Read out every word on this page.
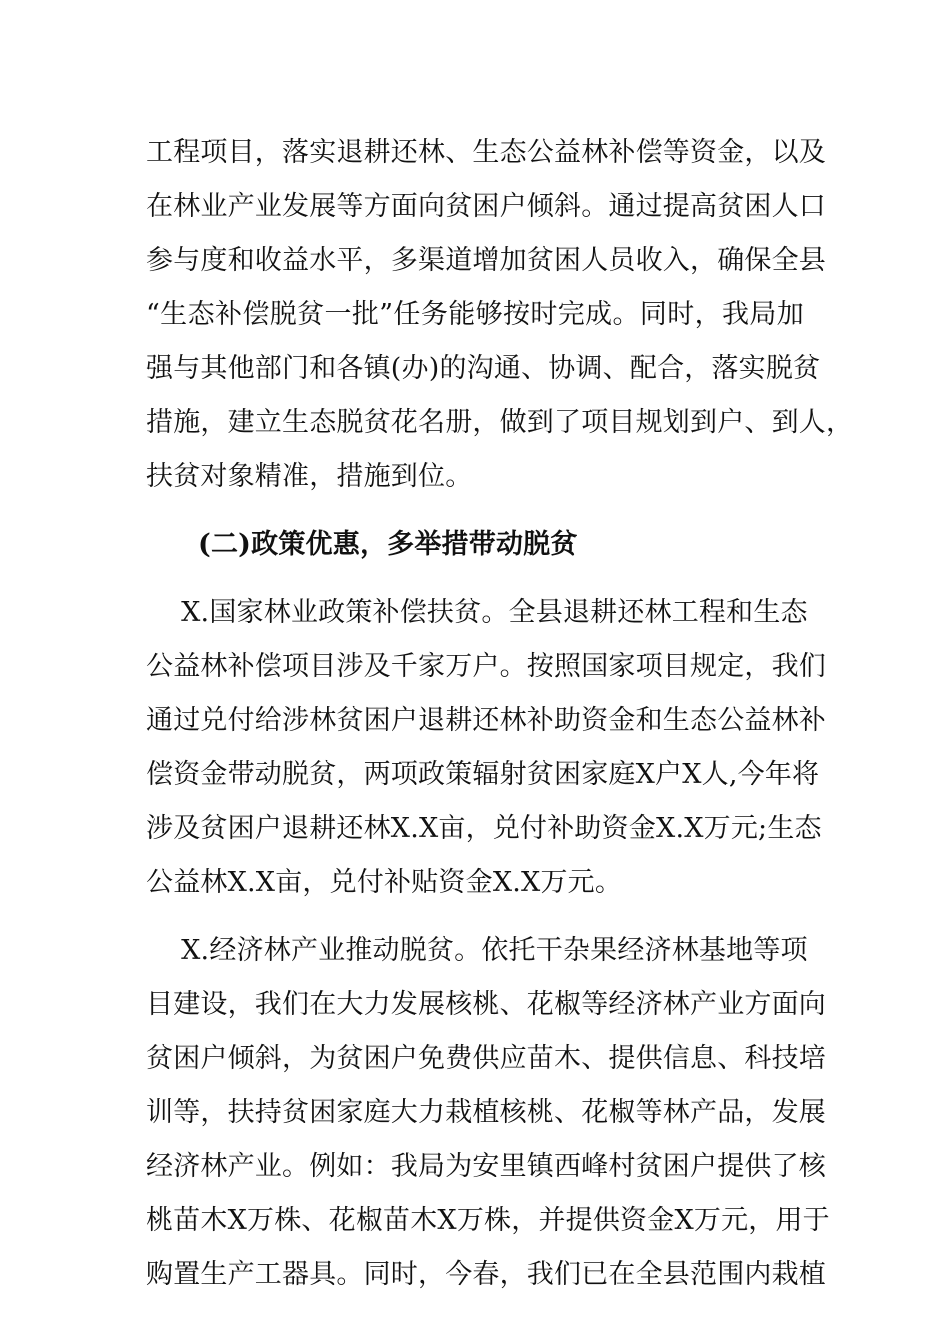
工程项目，落实退耕还林、生态公益林补偿等资金，以及
在林业产业发展等方面向贫困户倾斜。通过提高贫困人口
参与度和收益水平，多渠道增加贫困人员收入，确保全县
“生态补偿脱贫一批”任务能够按时完成。同时，我局加
强与其他部门和各镇(办)的沟通、协调、配合，落实脱贫
措施，建立生态脱贫花名册，做到了项目规划到户、到人，
扶贫对象精准，措施到位。
(二)政策优惠，多举措带动脱贫
X.国家林业政策补偿扶贫。全县退耕还林工程和生态
公益林补偿项目涉及千家万户。按照国家项目规定，我们
通过兑付给涉林贫困户退耕还林补助资金和生态公益林补
偿资金带动脱贫，两项政策辐射贫困家庭X户X人,今年将
涉及贫困户退耕还林X.X亩，兑付补助资金X.X万元;生态
公益林X.X亩，兑付补贴资金X.X万元。
X.经济林产业推动脱贫。依托干杂果经济林基地等项
目建设，我们在大力发展核桃、花椒等经济林产业方面向
贫困户倾斜，为贫困户免费供应苗木、提供信息、科技培
训等，扶持贫困家庭大力栽植核桃、花椒等林产品，发展
经济林产业。例如：我局为安里镇西峰村贫困户提供了核
桃苗木X万株、花椒苗木X万株，并提供资金X万元，用于
购置生产工器具。同时，今春，我们已在全县范围内栽植
